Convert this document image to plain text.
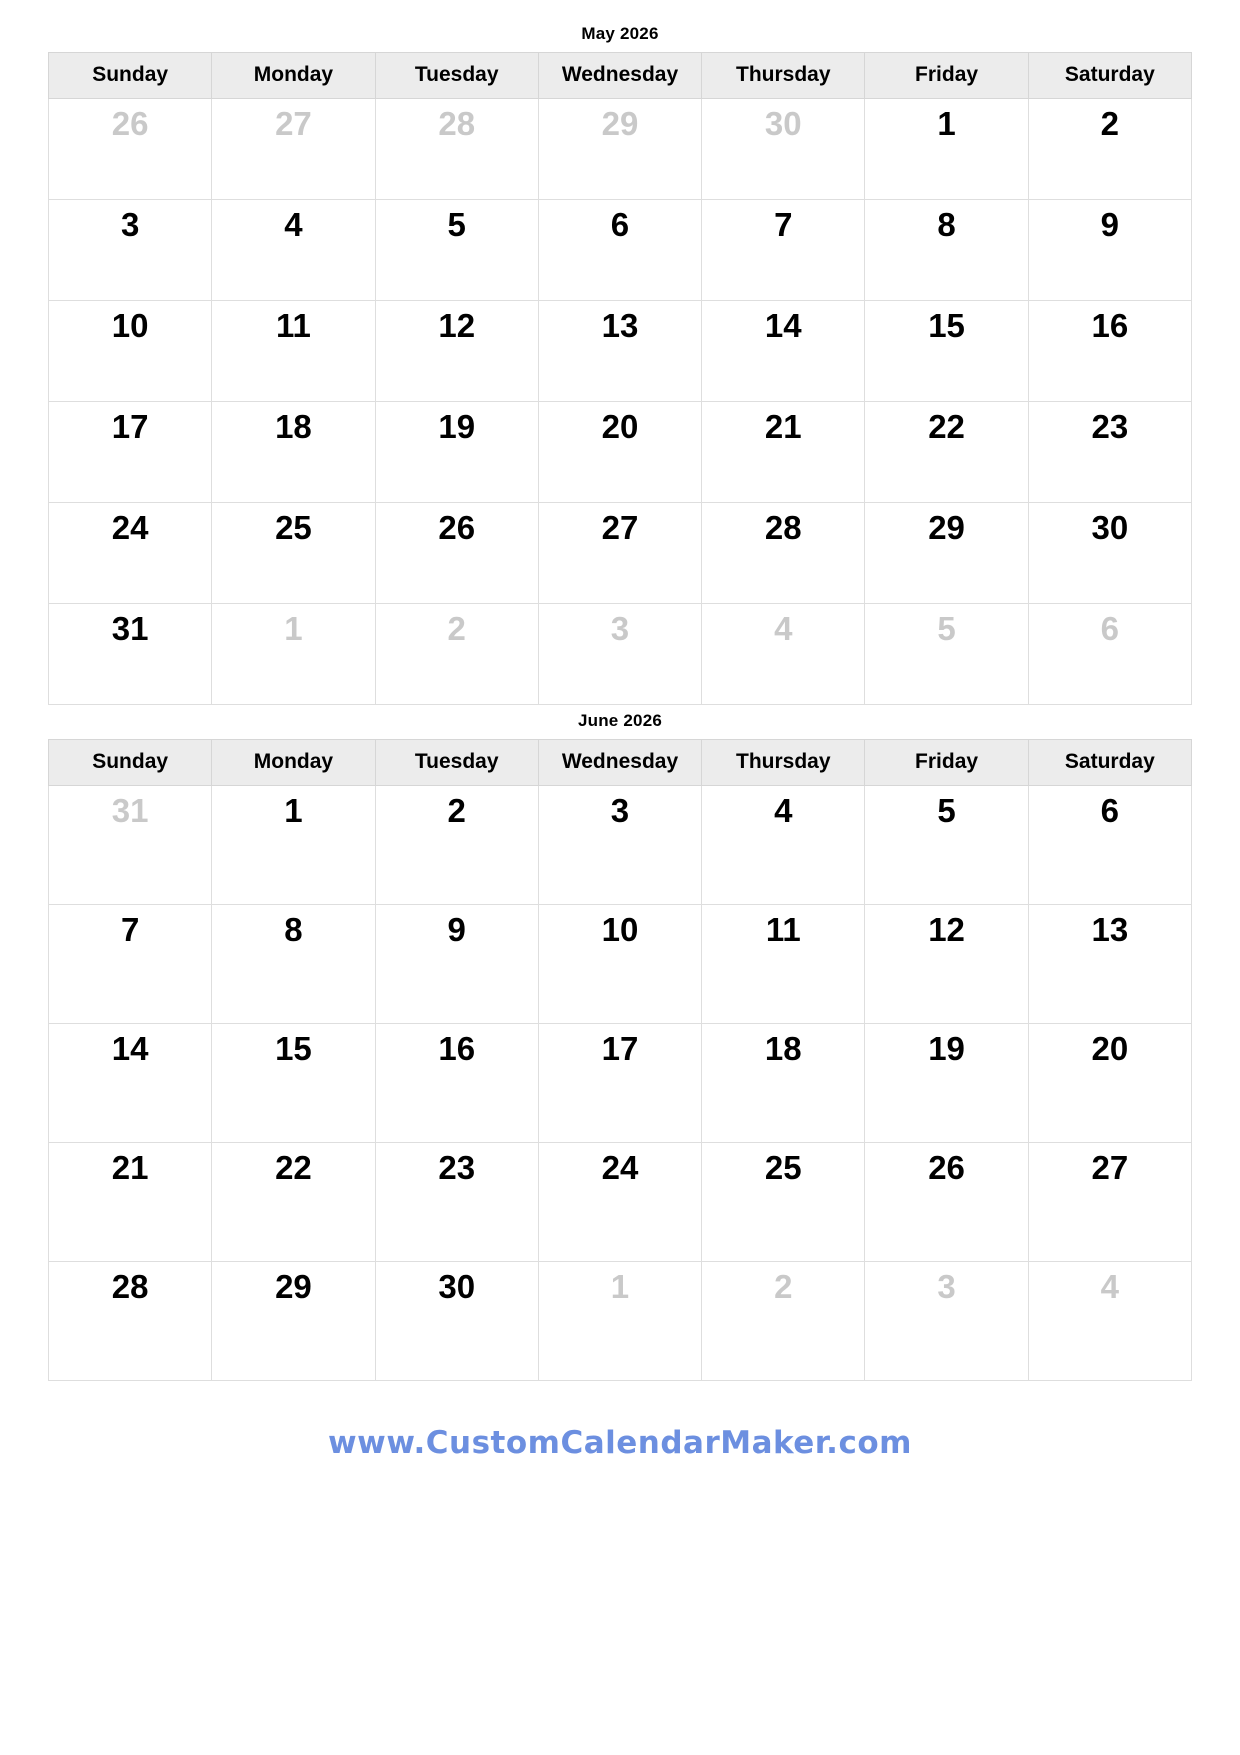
May 2026
Sunday	Monday	Tuesday	Wednesday	Thursday	Friday	Saturday

26	27	28	29	30	1	2

3	4	5	6	7	8	9

10	11	12	13	14	15	16

17	18	19	20	21	22	23

24	25	26	27	28	29	30

31	1	2	3	4	5	6
June 2026
Sunday	Monday	Tuesday	Wednesday	Thursday	Friday	Saturday

31	1	2	3	4	5	6

7	8	9	10	11	12	13

14	15	16	17	18	19	20

21	22	23	24	25	26	27

28	29	30	1	2	3	4
www.CustomCalendarMaker.com
